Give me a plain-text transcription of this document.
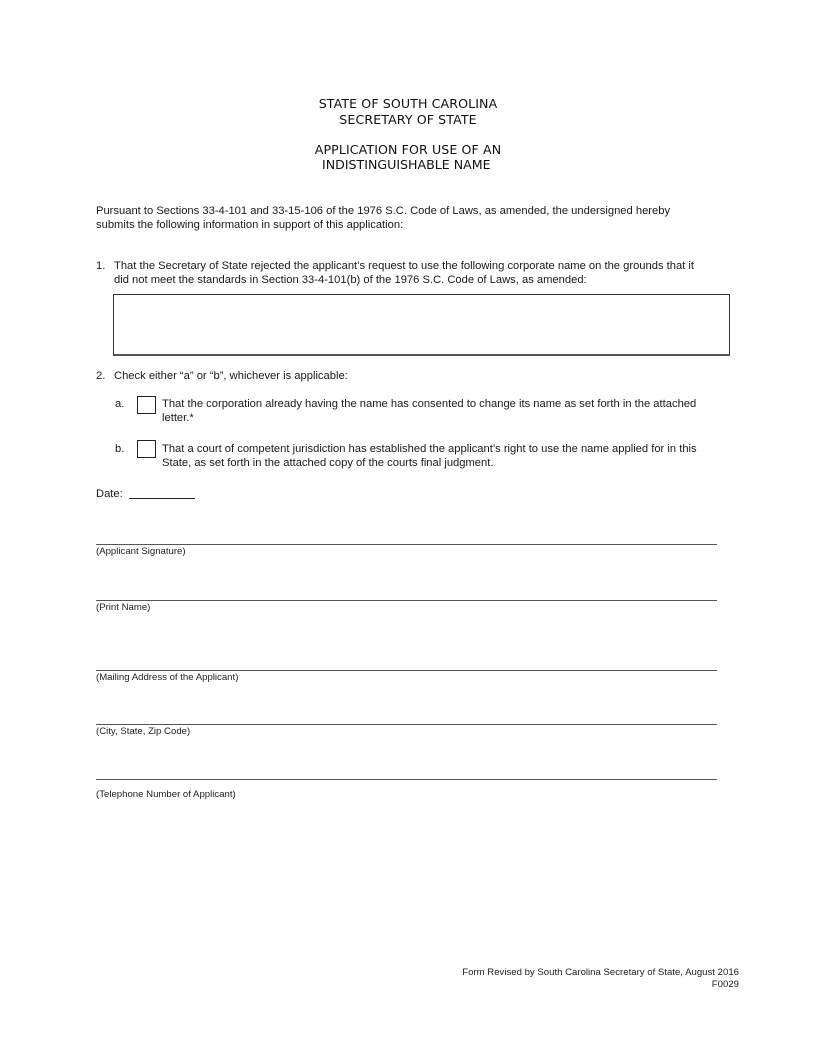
STATE OF SOUTH CAROLINA
SECRETARY OF STATE
APPLICATION FOR USE OF AN
INDISTINGUISHABLE NAME
Pursuant to Sections 33-4-101 and 33-15-106 of the 1976 S.C. Code of Laws, as amended, the undersigned hereby
submits the following information in support of this application:
1. That the Secretary of State rejected the applicant’s request to use the following corporate name on the grounds that it
did not meet the standards in Section 33-4-101(b) of the 1976 S.C. Code of Laws, as amended:
2. Check either “a” or “b”, whichever is applicable:
a.	That the corporation already having the name has consented to change its name as set forth in the attached
letter.*
b.	That a court of competent jurisdiction has established the applicant’s right to use the name applied for in this
State, as set forth in the attached copy of the courts final judgment.
Date:
(Applicant Signature)
(Print Name)
(Mailing Address of the Applicant)
(City, State, Zip Code)
(Telephone Number of Applicant)
Form Revised by South Carolina Secretary of State, August 2016
F0029
